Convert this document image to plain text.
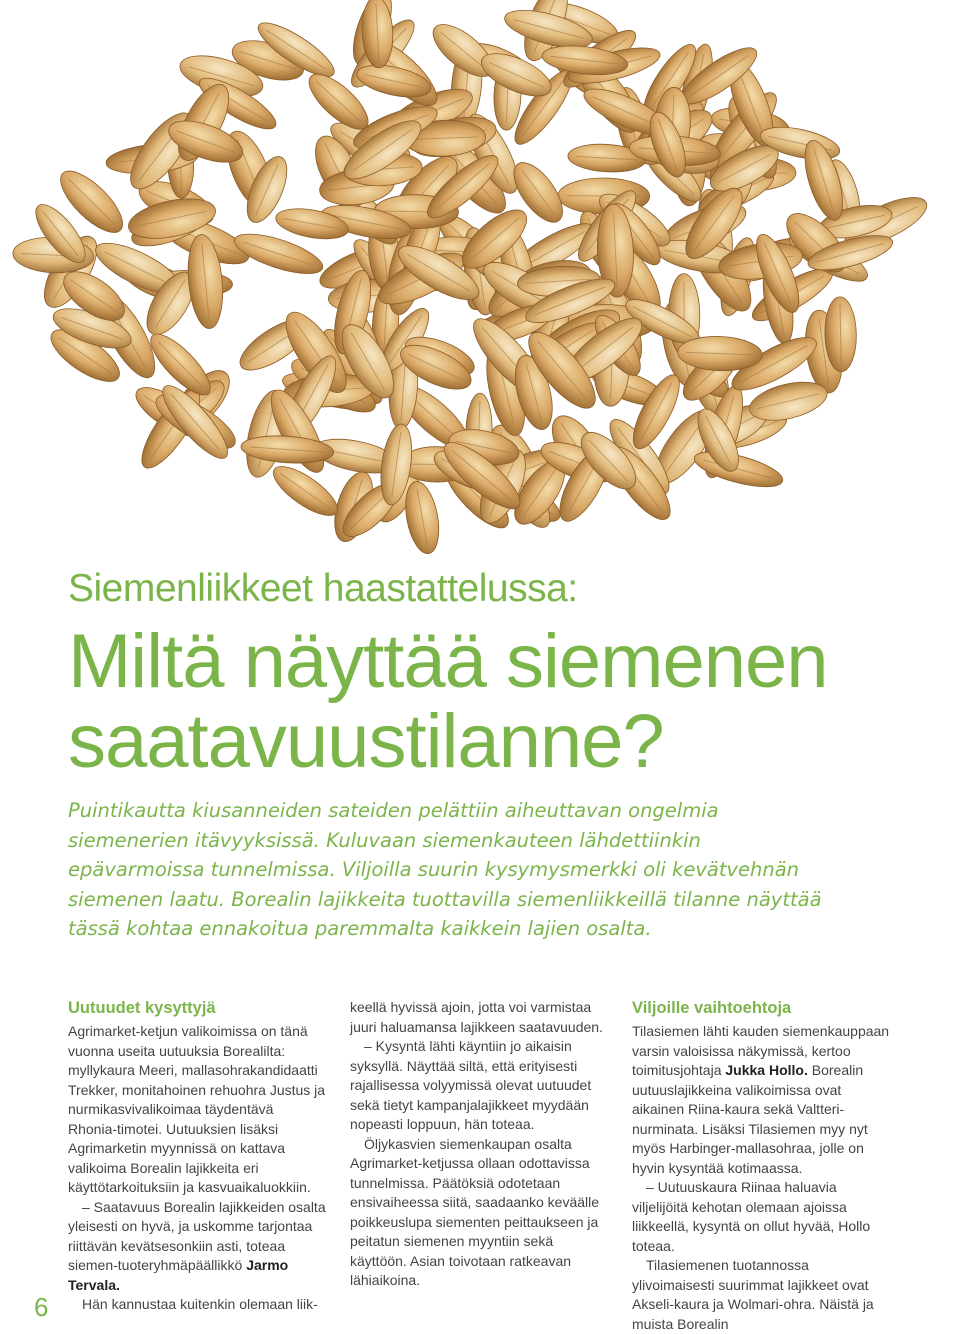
Siemenliikkeet haastattelussa:
Miltä näyttää siemenen
saatavuustilanne?
Puintikautta kiusanneiden sateiden pelättiin aiheuttavan ongelmia siemenerien itävyyksissä. Kuluvaan siemenkauteen lähdettiinkin epävarmoissa tunnelmissa. Viljoilla suurin kysymysmerkki oli kevätvehnän siemenen laatu. Borealin lajikkeita tuottavilla siemenliikkeillä tilanne näyttää tässä kohtaa ennakoitua paremmalta kaikkein lajien osalta.
Uutuudet kysyttyjä

Agrimarket-ketjun valikoimissa on tänä vuonna useita uutuuksia Borealilta: myllykaura Meeri, mallasohrakandidaatti Trekker, monitahoinen rehuohra Justus ja nurmikasvivalikoimaa täydentävä Rhonia-timotei. Uutuuksien lisäksi Agrimarketin myynnissä on kattava valikoima Borealin lajikkeita eri käyttötarkoituksiin ja kasvuaikaluokkiin.

– Saatavuus Borealin lajikkeiden osalta yleisesti on hyvä, ja uskomme tarjontaa riittävän kevätsesonkiin asti, toteaa siemen-tuoteryhmäpäällikkö Jarmo Tervala.

Hän kannustaa kuitenkin olemaan liik-

keellä hyvissä ajoin, jotta voi varmistaa juuri haluamansa lajikkeen saatavuuden.

– Kysyntä lähti käyntiin jo aikaisin syksyllä. Näyttää siltä, että erityisesti rajallisessa volyymissä olevat uutuudet sekä tietyt kampanjalajikkeet myydään nopeasti loppuun, hän toteaa.

Öljykasvien siemenkaupan osalta Agrimarket-ketjussa ollaan odottavissa tunnelmissa. Päätöksiä odotetaan ensivaiheessa siitä, saadaanko keväälle poikkeuslupa siementen peittaukseen ja peitatun siemenen myyntiin sekä käyttöön. Asian toivotaan ratkeavan lähiaikoina.

Viljoille vaihtoehtoja

Tilasiemen lähti kauden siemenkauppaan varsin valoisissa näkymissä, kertoo toimitusjohtaja Jukka Hollo. Borealin uutuuslajikkeina valikoimissa ovat aikainen Riina-kaura sekä Valtteri-nurminata. Lisäksi Tilasiemen myy nyt myös Harbinger-mallasohraa, jolle on hyvin kysyntää kotimaassa.

– Uutuuskaura Riinaa haluavia viljelijöitä kehotan olemaan ajoissa liikkeellä, kysyntä on ollut hyvää, Hollo toteaa.

Tilasiemenen tuotannossa ylivoimaisesti suurimmat lajikkeet ovat Akseli-kaura ja Wolmari-ohra. Näistä ja muista Borealin

6
